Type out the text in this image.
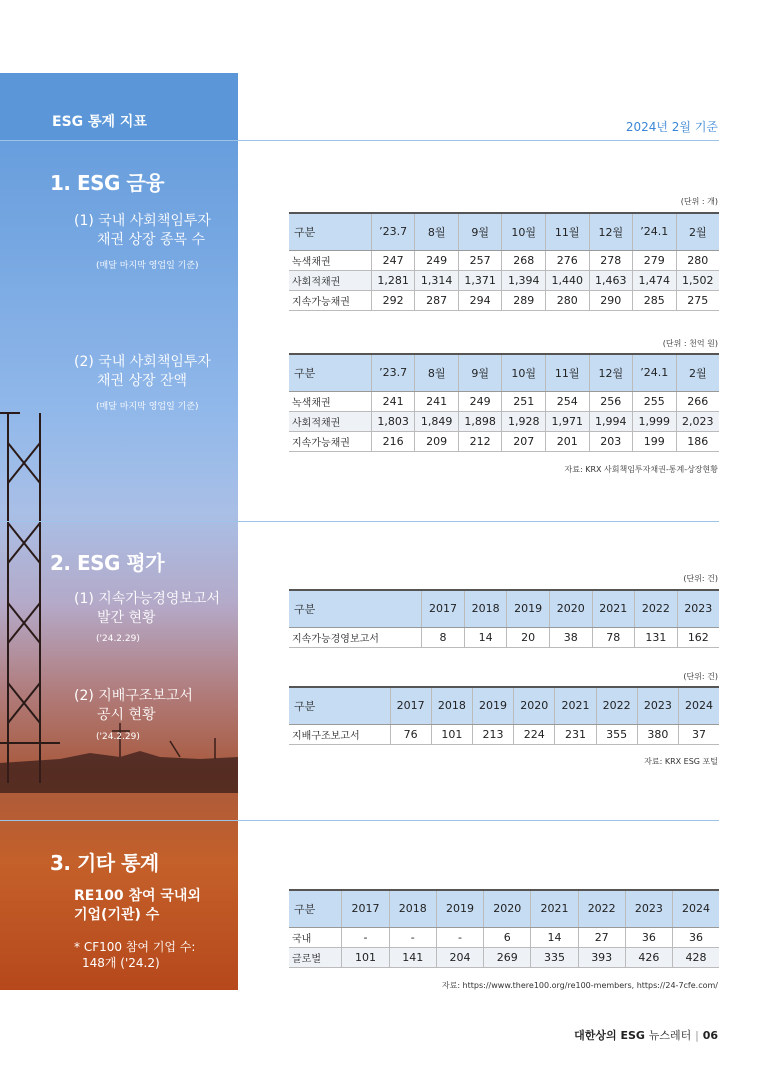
ESG 통계 지표	2024년 2월 기준
1. ESG 금융
(1) 국내 사회책임투자
채권 상장 종목 수
(매달 마지막 영업일 기준)
(단위 : 개)
구분	’23.7	8월	9월	10월	11월	12월	’24.1	2월
녹색채권	247	249	257	268	276	278	279	280
사회적채권	1,281	1,314	1,371	1,394	1,440	1,463	1,474	1,502
지속가능채권	292	287	294	289	280	290	285	275
(2) 국내 사회책임투자
채권 상장 잔액
(매달 마지막 영업일 기준)
(단위 : 천억 원)
구분	’23.7	8월	9월	10월	11월	12월	’24.1	2월
녹색채권	241	241	249	251	254	256	255	266
사회적채권	1,803	1,849	1,898	1,928	1,971	1,994	1,999	2,023
지속가능채권	216	209	212	207	201	203	199	186
자료: KRX 사회책임투자채권-통계-상장현황
2. ESG 평가
(1) 지속가능경영보고서
발간 현황
('24.2.29)
(단위: 건)
구분	2017	2018	2019	2020	2021	2022	2023
지속가능경영보고서	8	14	20	38	78	131	162
(2) 지배구조보고서
공시 현황
('24.2.29)
(단위: 건)
구분	2017	2018	2019	2020	2021	2022	2023	2024
지배구조보고서	76	101	213	224	231	355	380	37
자료: KRX ESG 포털
3. 기타 통계
RE100 참여 국내외
기업(기관) 수
* CF100 참여 기업 수:
148개 ('24.2)
구분	2017	2018	2019	2020	2021	2022	2023	2024
국내	-	-	-	6	14	27	36	36
글로벌	101	141	204	269	335	393	426	428
자료: https://www.there100.org/re100-members, https://24-7cfe.com/
대한상의 ESG 뉴스레터 | 06
